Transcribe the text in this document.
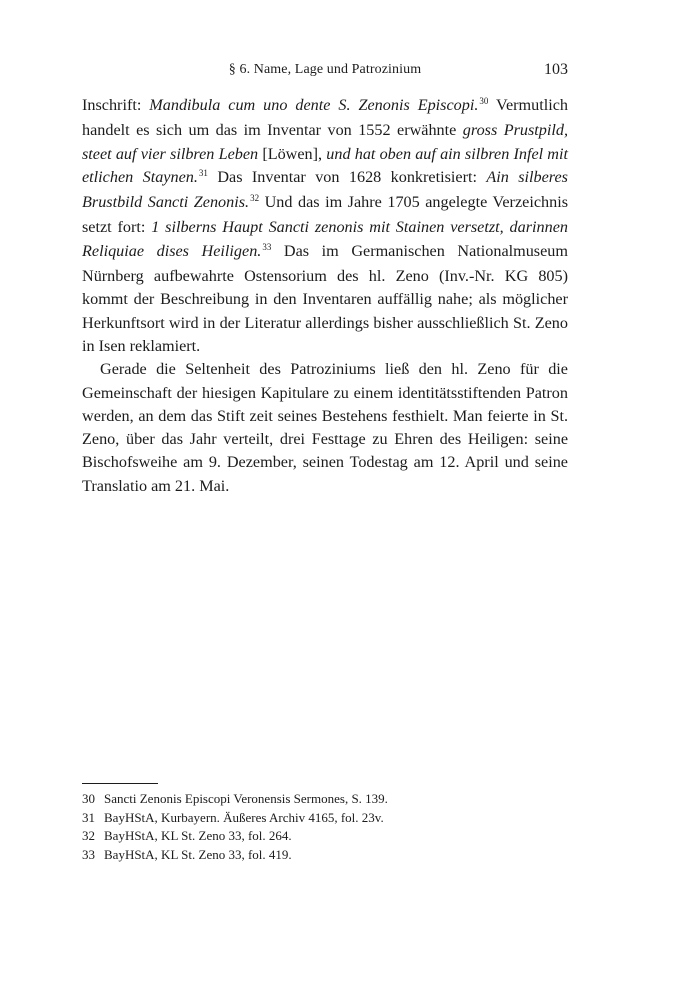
§ 6. Name, Lage und Patrozinium	103

Inschrift: Mandibula cum uno dente S. Zenonis Episcopi.$^{30}$ Vermutlich handelt es sich um das im Inventar von 1552 erwähnte gross Prustpild, steet auf vier silbren Leben [Löwen], und hat oben auf ain silbren Infel mit etlichen Staynen.$^{31}$ Das Inventar von 1628 konkretisiert: Ain silberes Brustbild Sancti Zenonis.$^{32}$ Und das im Jahre 1705 angelegte Verzeichnis setzt fort: 1 silberns Haupt Sancti zenonis mit Stainen versetzt, darinnen Reliquiae dises Heiligen.$^{33}$ Das im Germanischen Nationalmuseum Nürnberg aufbewahrte Ostensorium des hl. Zeno (Inv.-Nr. KG 805) kommt der Beschreibung in den Inventaren auffällig nahe; als möglicher Herkunftsort wird in der Literatur allerdings bisher ausschließlich St. Zeno in Isen reklamiert.

Gerade die Seltenheit des Patroziniums ließ den hl. Zeno für die Gemeinschaft der hiesigen Kapitulare zu einem identitätsstiftenden Patron werden, an dem das Stift zeit seines Bestehens festhielt. Man feierte in St. Zeno, über das Jahr verteilt, drei Festtage zu Ehren des Heiligen: seine Bischofsweihe am 9. Dezember, seinen Todestag am 12. April und seine Translatio am 21. Mai.

30 Sancti Zenonis Episcopi Veronensis Sermones, S. 139.
31 BayHStA, Kurbayern. Äußeres Archiv 4165, fol. 23v.
32 BayHStA, KL St. Zeno 33, fol. 264.
33 BayHStA, KL St. Zeno 33, fol. 419.
